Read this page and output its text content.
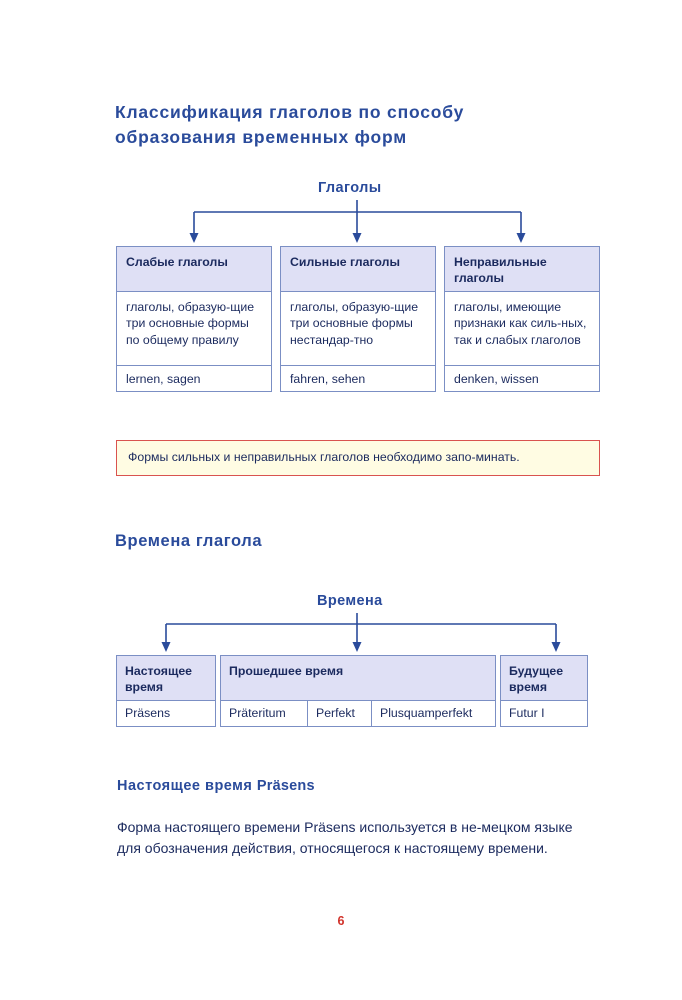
Классификация глаголов по способу образования временных форм
Глаголы
Слабые глаголы
глаголы, образую-щие три основные формы по общему правилу
lernen, sagen
Сильные глаголы
глаголы, образую-щие три основные формы нестандар-тно
fahren, sehen
Неправильные глаголы
глаголы, имеющие признаки как силь-ных, так и слабых глаголов
denken, wissen
Формы сильных и неправильных глаголов необходимо запо-минать.
Времена глагола
Времена
Настоящее время
Präsens
Прошедшее время
Präteritum	Perfekt	Plusquamperfekt
Будущее время
Futur I
Настоящее время Präsens
Форма настоящего времени Präsens используется в не-мецком языке для обозначения действия, относящегося к настоящему времени.
6
